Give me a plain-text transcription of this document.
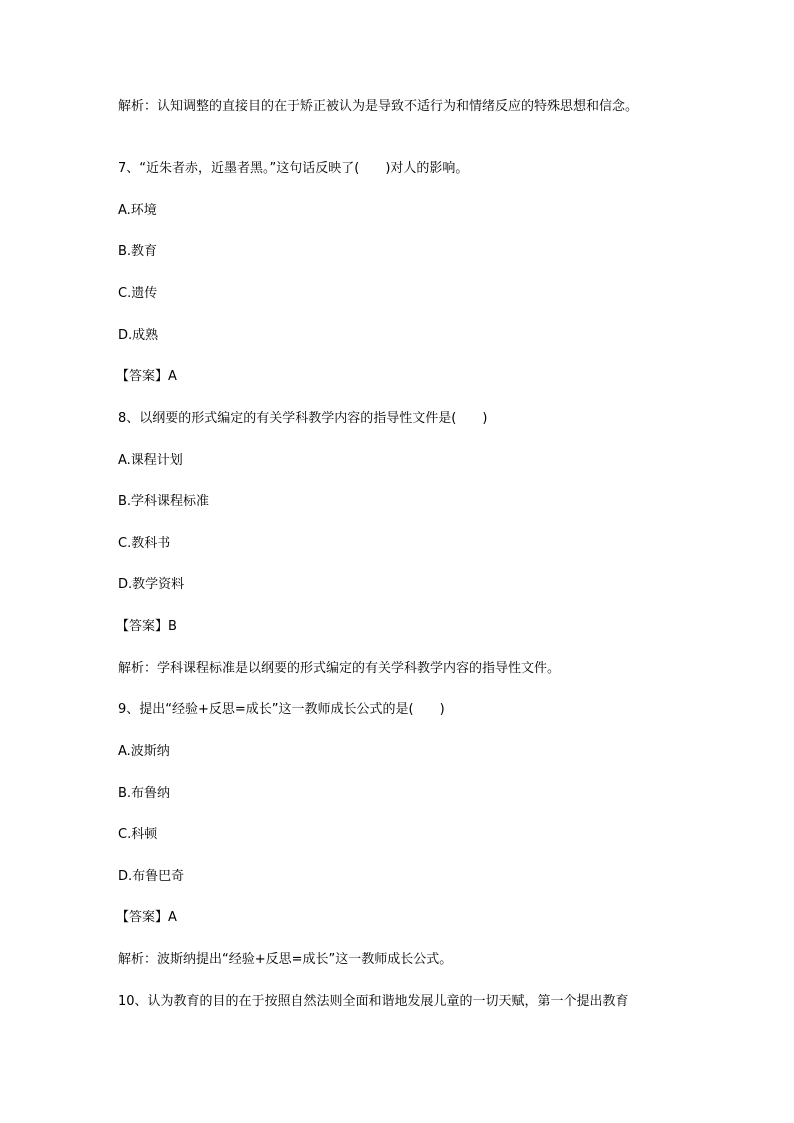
解析：认知调整的直接目的在于矫正被认为是导致不适行为和情绪反应的特殊思想和信念。
7、“近朱者赤，近墨者黑。”这句话反映了(　　)对人的影响。
A.环境
B.教育
C.遗传
D.成熟
【答案】A
8、以纲要的形式编定的有关学科教学内容的指导性文件是(　　)
A.课程计划
B.学科课程标准
C.教科书
D.教学资料
【答案】B
解析：学科课程标准是以纲要的形式编定的有关学科教学内容的指导性文件。
9、提出“经验+反思=成长”这一教师成长公式的是(　　)
A.波斯纳
B.布鲁纳
C.科顿
D.布鲁巴奇
【答案】A
解析：波斯纳提出“经验+反思=成长”这一教师成长公式。
10、认为教育的目的在于按照自然法则全面和谐地发展儿童的一切天赋，第一个提出教育
